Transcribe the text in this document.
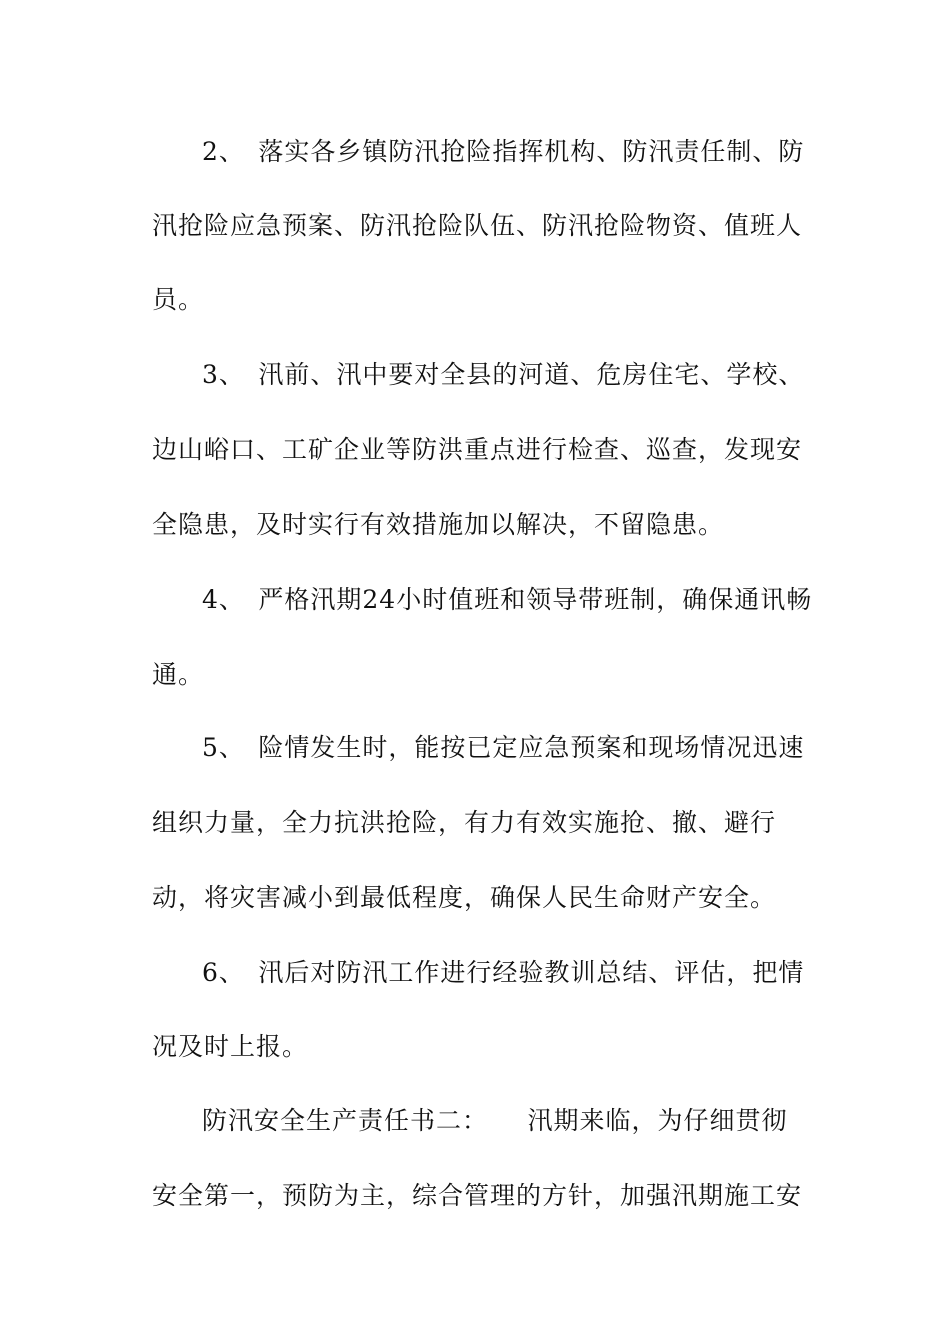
2、　落实各乡镇防汛抢险指挥机构、防汛责任制、防
汛抢险应急预案、防汛抢险队伍、防汛抢险物资、值班人
员。
3、　汛前、汛中要对全县的河道、危房住宅、学校、
边山峪口、工矿企业等防洪重点进行检查、巡查，发现安
全隐患，及时实行有效措施加以解决，不留隐患。
4、　严格汛期24小时值班和领导带班制，确保通讯畅
通。
5、　险情发生时，能按已定应急预案和现场情况迅速
组织力量，全力抗洪抢险，有力有效实施抢、撤、避行
动，将灾害减小到最低程度，确保人民生命财产安全。
6、　汛后对防汛工作进行经验教训总结、评估，把情
况及时上报。
防汛安全生产责任书二：　　汛期来临，为仔细贯彻
安全第一，预防为主，综合管理的方针，加强汛期施工安
